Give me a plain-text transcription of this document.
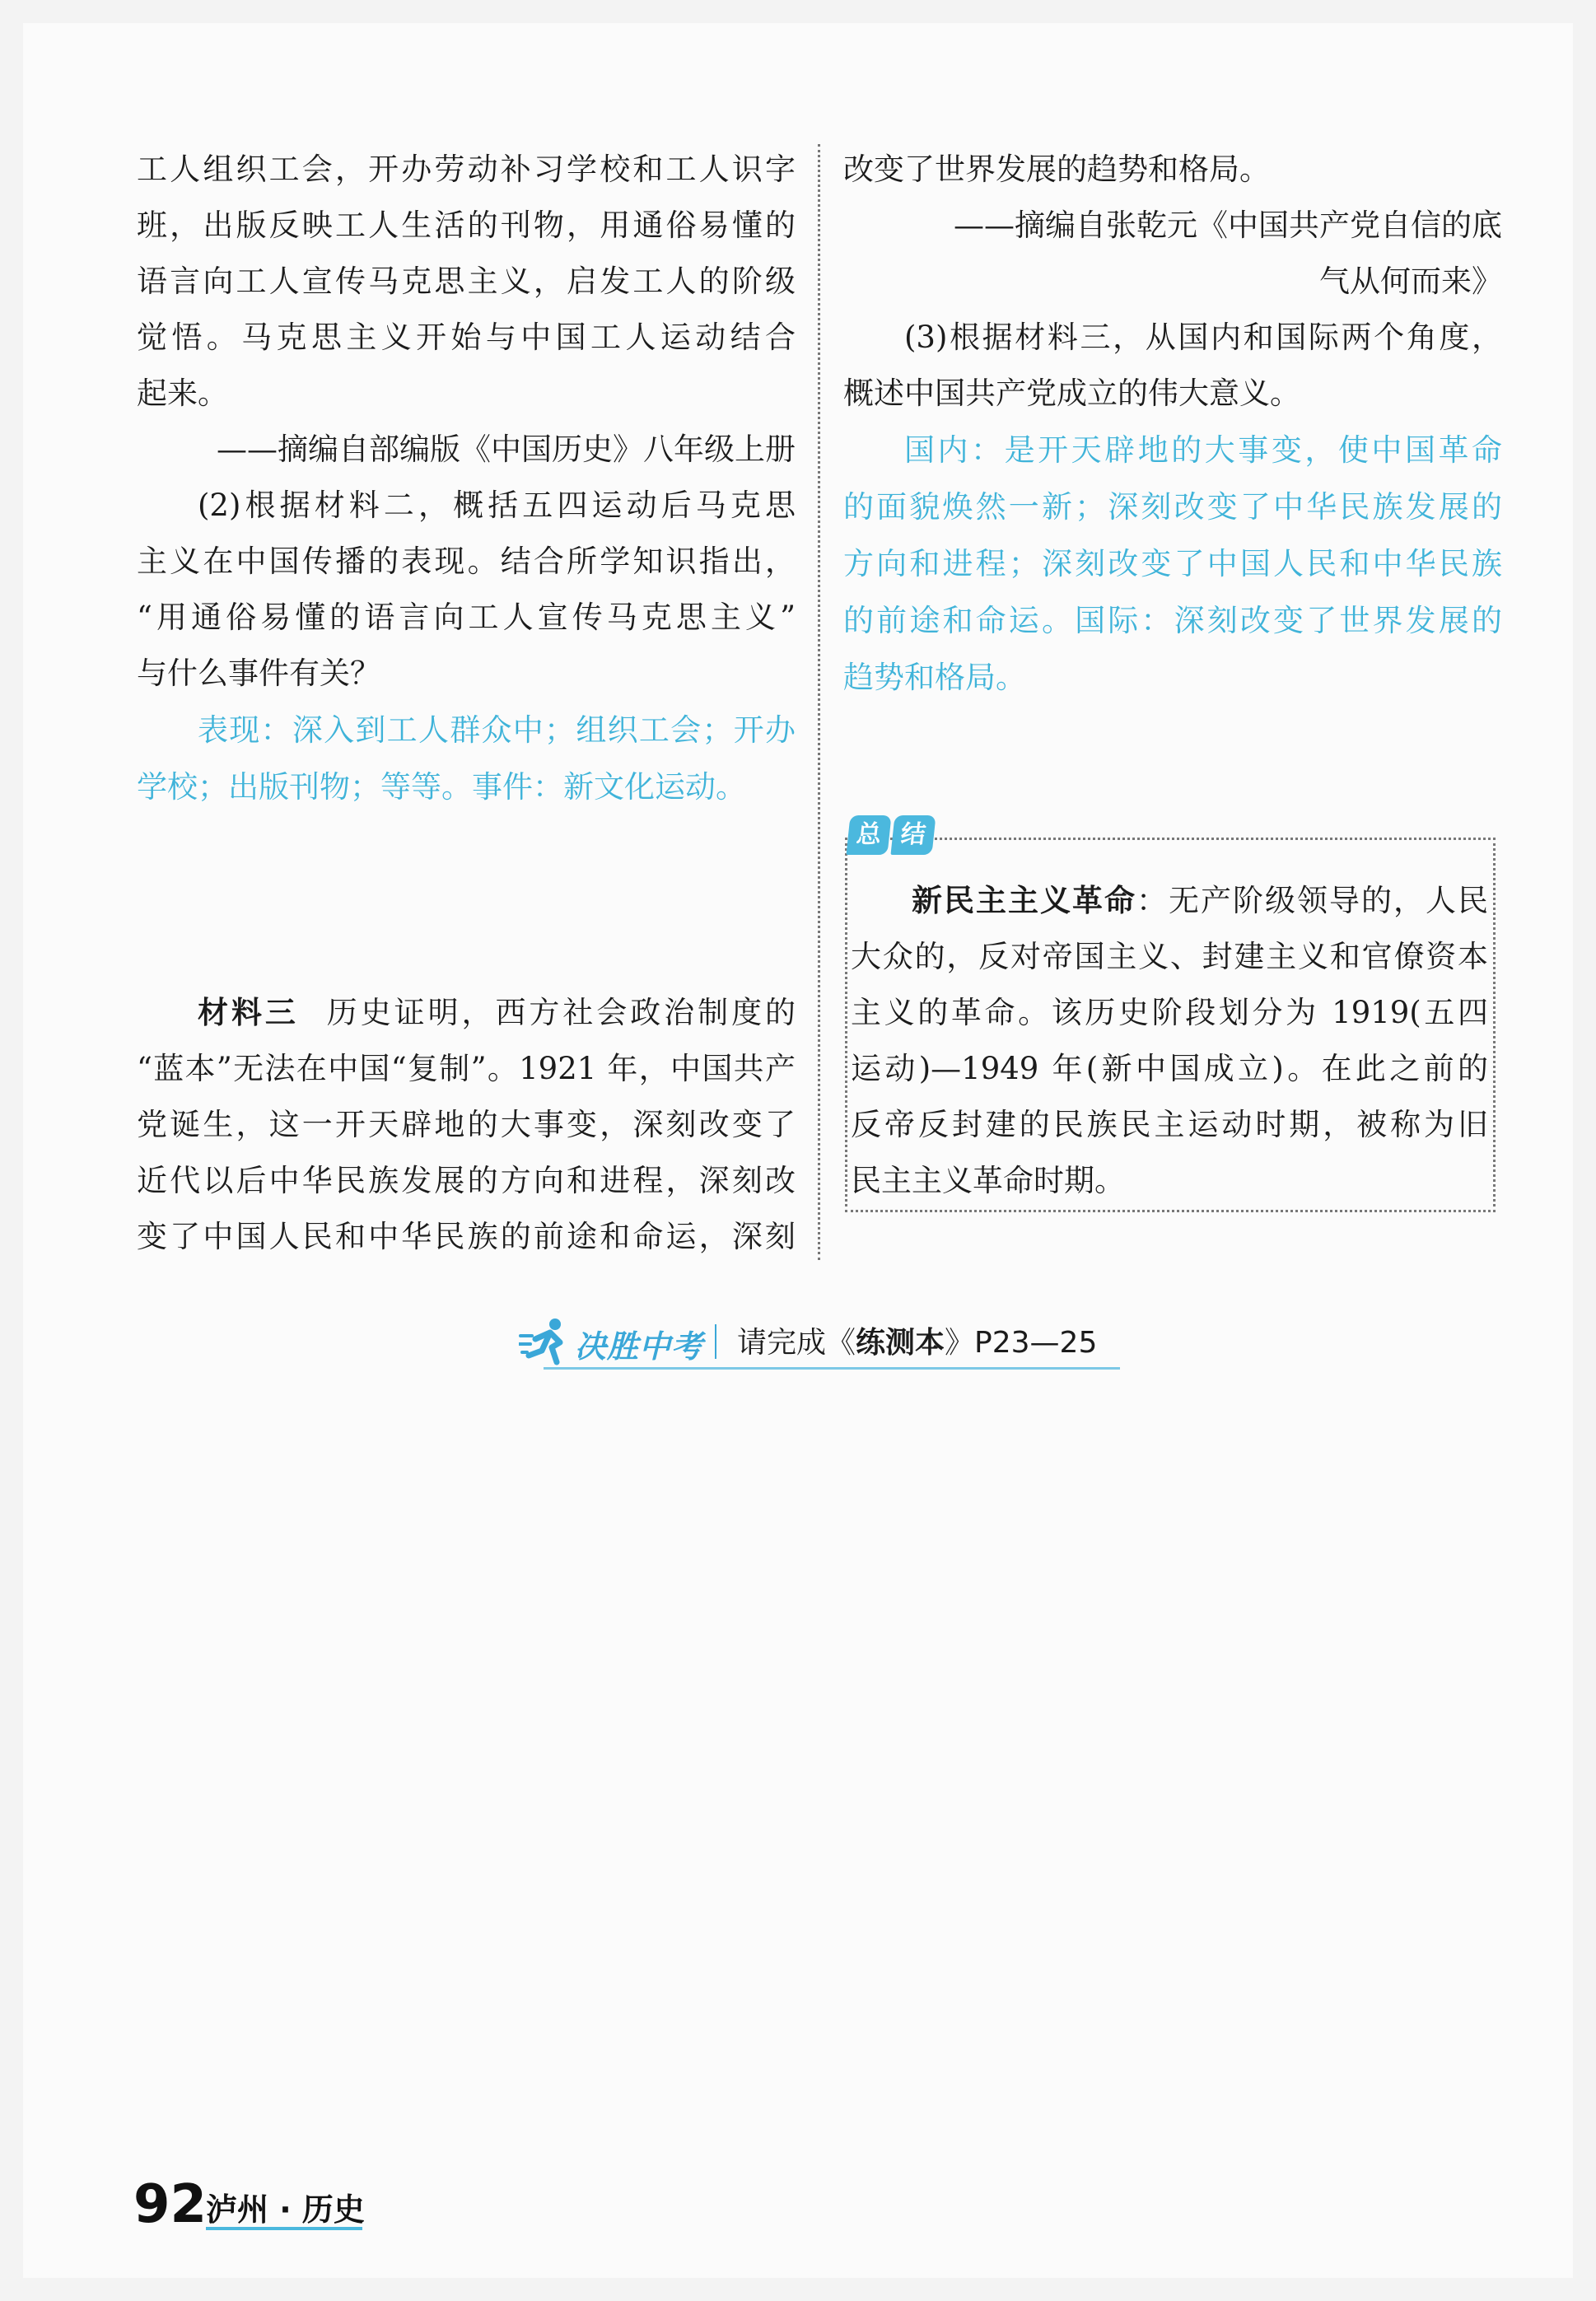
工人组织工会，开办劳动补习学校和工人识字

班，出版反映工人生活的刊物，用通俗易懂的

语言向工人宣传马克思主义，启发工人的阶级

觉悟。马克思主义开始与中国工人运动结合

起来。

——摘编自部编版《中国历史》八年级上册

(2)根据材料二，概括五四运动后马克思

主义在中国传播的表现。结合所学知识指出，

“用通俗易懂的语言向工人宣传马克思主义”

与什么事件有关？

表现：深入到工人群众中；组织工会；开办

学校；出版刊物；等等。事件：新文化运动。

材料三 历史证明，西方社会政治制度的

“蓝本”无法在中国“复制”。1921 年，中国共产

党诞生，这一开天辟地的大事变，深刻改变了

近代以后中华民族发展的方向和进程，深刻改

变了中国人民和中华民族的前途和命运，深刻

改变了世界发展的趋势和格局。

——摘编自张乾元《中国共产党自信的底

气从何而来》

(3)根据材料三，从国内和国际两个角度，

概述中国共产党成立的伟大意义。

国内：是开天辟地的大事变，使中国革命

的面貌焕然一新；深刻改变了中华民族发展的

方向和进程；深刻改变了中国人民和中华民族

的前途和命运。国际：深刻改变了世界发展的

趋势和格局。

新民主主义革命：无产阶级领导的，人民

大众的，反对帝国主义、封建主义和官僚资本

主义的革命。该历史阶段划分为 1919(五四

运动)—1949 年(新中国成立)。在此之前的

反帝反封建的民族民主运动时期，被称为旧

民主主义革命时期。

总 结
决胜中考 请完成《练测本》P23—25
92
泸州 · 历史
